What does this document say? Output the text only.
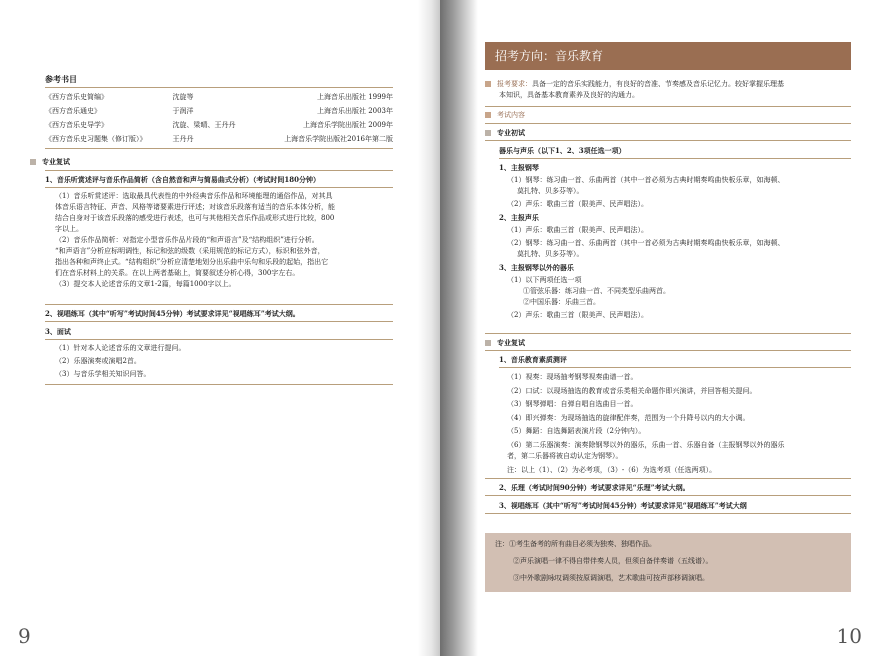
参考书目
《西方音乐史简编》	沈旋等	上海音乐出版社 1999年
《西方音乐通史》	于润洋	上海音乐出版社 2003年
《西方音乐史导学》	沈旋、梁晴、王丹丹	上海音乐学院出版社 2009年
《西方音乐史习题集（修订版）》	王丹丹	上海音乐学院出版社2016年第二版
专业复试
1、音乐听赏述评与音乐作品简析（含自然音和声与简易曲式分析）（考试时间180分钟）
（1）音乐听赏述评：选取最具代表性的中外经典音乐作品和环境能理的通俗作品，对其具
体音乐语言特征、声音、风格等诸要素进行评述；对该音乐段落有适当的音乐本体分析，能
结合自身对于该音乐段落的感受进行表述，也可与其他相关音乐作品或形式进行比较，800
字以上。
（2）音乐作品简析：对指定小型音乐作品片段的“和声语言”及“结构组织”进行分析。
“和声语言”分析应标明调性，标记和弦的级数（采用规范的标记方式），标识和弦外音，
指出各种和声终止式。“结构组织”分析应清楚地划分出乐曲中乐句和乐段的起始，指出它
们在音乐材料上的关系。在以上两者基础上，简要叙述分析心得，300字左右。
（3）提交本人论述音乐的文章1-2篇，每篇1000字以上。
2、视唱练耳（其中“听写”考试时间45分钟）考试要求详见“视唱练耳”考试大纲。
3、面试
（1）针对本人论述音乐的文章进行提问。
（2）乐器演奏或演唱2首。
（3）与音乐学相关知识问答。
9
招考方向：音乐教育
报考要求：具备一定的音乐实践能力，有良好的音准、节奏感及音乐记忆力。较好掌握乐理基
本知识，具备基本教育素养及良好的沟通力。
考试内容
专业初试
器乐与声乐（以下1、2、3项任选一项）
1、主报钢琴
（1）钢琴：练习曲一首、乐曲两首（其中一首必须为古典时期奏鸣曲快板乐章，如海顿、
莫扎特、贝多芬等）。
（2）声乐：歌曲三首（限美声、民声唱法）。
2、主报声乐
（1）声乐：歌曲三首（限美声、民声唱法）。
（2）钢琴：练习曲一首、乐曲两首（其中一首必须为古典时期奏鸣曲快板乐章，如海顿、
莫扎特、贝多芬等）。
3、主报钢琴以外的器乐
（1）以下两项任选一项
①管弦乐器：练习曲一首、不同类型乐曲两首。
②中国乐器：乐曲三首。
（2）声乐：歌曲三首（限美声、民声唱法）。
专业复试
1、音乐教育素质测评
（1）视奏：现场抽考钢琴视奏曲谱一首。
（2）口试：以现场抽选的教育或音乐类相关命题作即兴演讲，并回答相关提问。
（3）钢琴弹唱：自弹自唱自选曲目一首。
（4）即兴弹奏：为现场抽选的旋律配伴奏，范围为一个升降号以内的大小调。
（5）舞蹈：自选舞蹈表演片段（2分钟内）。
（6）第二乐器演奏：演奏除钢琴以外的器乐，乐曲一首、乐器自备（主报钢琴以外的器乐
者，第二乐器将被自动认定为钢琴）。
注：以上（1）、（2）为必考项，（3）-（6）为选考项（任选两项）。
2、乐理（考试时间90分钟）考试要求详见“乐理”考试大纲。
3、视唱练耳（其中“听写”考试时间45分钟）考试要求详见“视唱练耳”考试大纲
注：①考生备考的所有曲目必须为独奏、独唱作品。
②声乐演唱一律不得自带伴奏人员，但须自备伴奏谱（五线谱）。
③中外歌剧咏叹调须按原调演唱，艺术歌曲可按声部移调演唱。
10
